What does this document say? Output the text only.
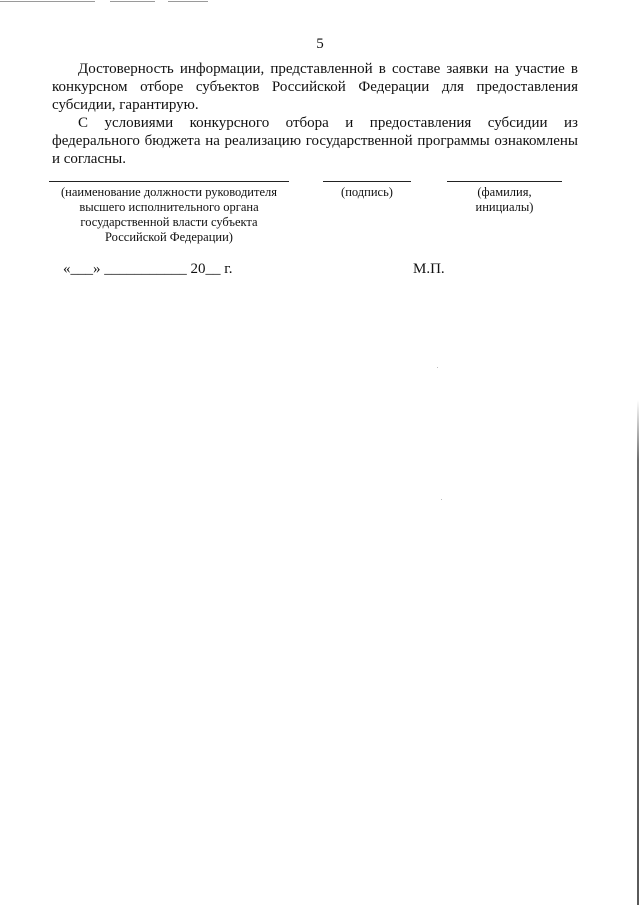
5

Достоверность информации, представленной в составе заявки на участие в конкурсном отборе субъектов Российской Федерации для предоставления субсидии, гарантирую.

С условиями конкурсного отбора и предоставления субсидии из федерального бюджета на реализацию государственной программы ознакомлены и согласны.

(наименование должности руководителя высшего исполнительного органа государственной власти субъекта Российской Федерации)
(подпись)	(фамилия, инициалы)
«___» ___________ 20__ г.	М.П.
